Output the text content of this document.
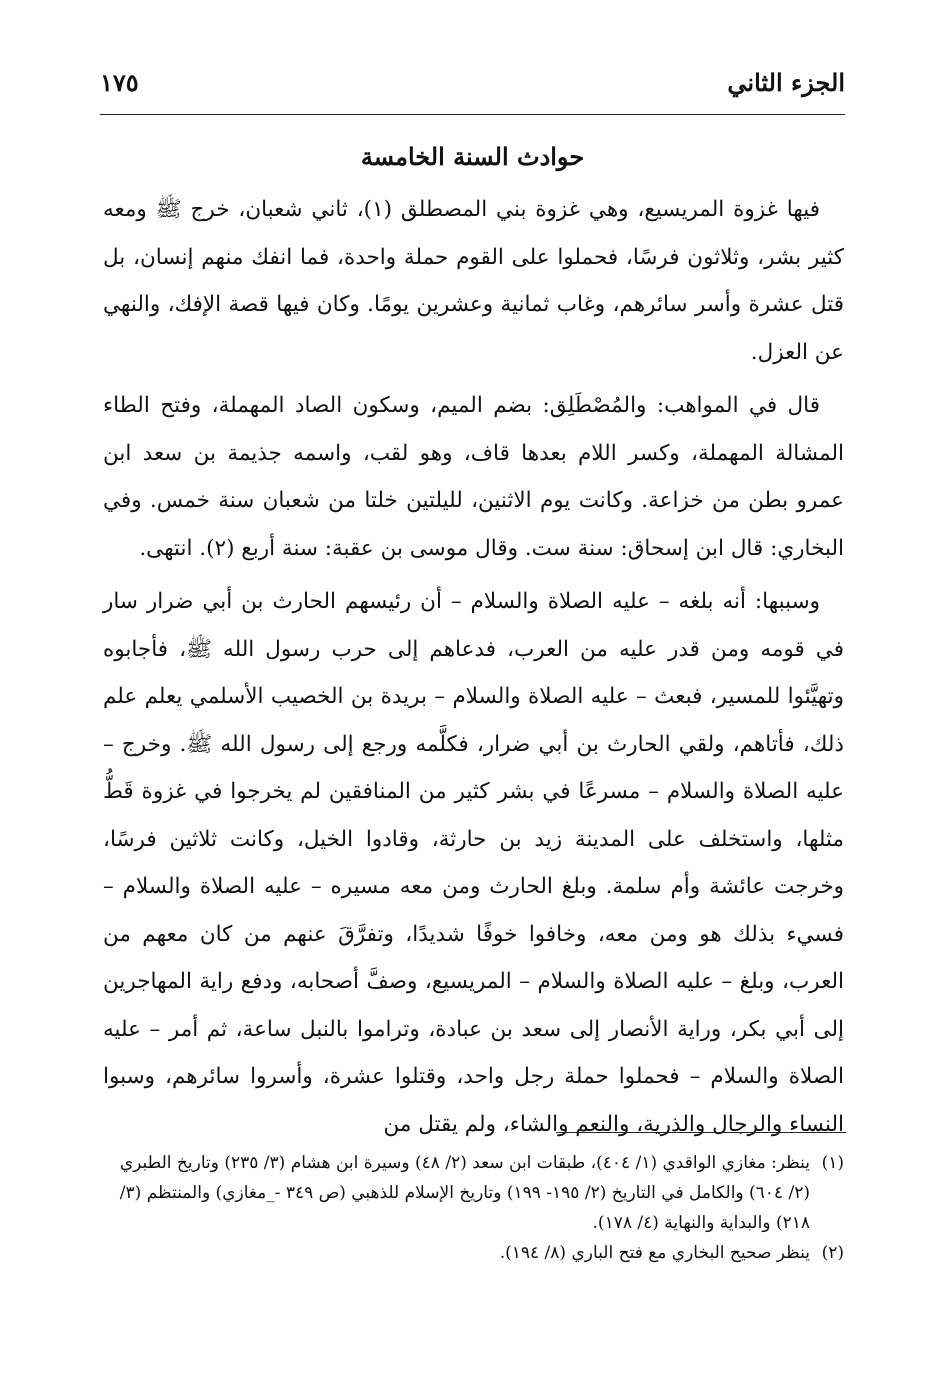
الجزء الثاني
١٧٥
حوادث السنة الخامسة

فيها غزوة المريسيع، وهي غزوة بني المصطلق (١)، ثاني شعبان، خرج ﷺ ومعه كثير بشر، وثلاثون فرسًا، فحملوا على القوم حملة واحدة، فما انفك منهم إنسان، بل قتل عشرة وأسر سائرهم، وغاب ثمانية وعشرين يومًا. وكان فيها قصة الإفك، والنهي عن العزل.

قال في المواهب: والمُصْطَلِق: بضم الميم، وسكون الصاد المهملة، وفتح الطاء المشالة المهملة، وكسر اللام بعدها قاف، وهو لقب، واسمه جذيمة بن سعد ابن عمرو بطن من خزاعة. وكانت يوم الاثنين، لليلتين خلتا من شعبان سنة خمس. وفي البخاري: قال ابن إسحاق: سنة ست. وقال موسى بن عقبة: سنة أربع (٢). انتهى.

وسببها: أنه بلغه – عليه الصلاة والسلام – أن رئيسهم الحارث بن أبي ضرار سار في قومه ومن قدر عليه من العرب، فدعاهم إلى حرب رسول الله ﷺ، فأجابوه وتهيَّئوا للمسير، فبعث – عليه الصلاة والسلام – بريدة بن الخصيب الأسلمي يعلم علم ذلك، فأتاهم، ولقي الحارث بن أبي ضرار، فكلَّمه ورجع إلى رسول الله ﷺ. وخرج – عليه الصلاة والسلام – مسرعًا في بشر كثير من المنافقين لم يخرجوا في غزوة قَطُّ مثلها، واستخلف على المدينة زيد بن حارثة، وقادوا الخيل، وكانت ثلاثين فرسًا، وخرجت عائشة وأم سلمة. وبلغ الحارث ومن معه مسيره – عليه الصلاة والسلام – فسيء بذلك هو ومن معه، وخافوا خوفًا شديدًا، وتفرَّقَ عنهم من كان معهم من العرب، وبلغ – عليه الصلاة والسلام – المريسيع، وصفَّ أصحابه، ودفع راية المهاجرين إلى أبي بكر، وراية الأنصار إلى سعد بن عبادة، وتراموا بالنبل ساعة، ثم أمر – عليه الصلاة والسلام – فحملوا حملة رجل واحد، وقتلوا عشرة، وأسروا سائرهم، وسبوا النساء والرجال والذرية، والنعم والشاء، ولم يقتل من

(١)
ينظر: مغازي الواقدي (١/ ٤٠٤)، طبقات ابن سعد (٢/ ٤٨) وسيرة ابن هشام (٣/ ٢٣٥) وتاريخ الطبري (٢/ ٦٠٤) والكامل في التاريخ (٢/ ١٩٥- ١٩٩) وتاريخ الإسلام للذهبي (ص ٣٤٩ -_مغازي) والمنتظم (٣/ ٢١٨) والبداية والنهاية (٤/ ١٧٨).
(٢)
ينظر صحيح البخاري مع فتح الباري (٨/ ١٩٤).
